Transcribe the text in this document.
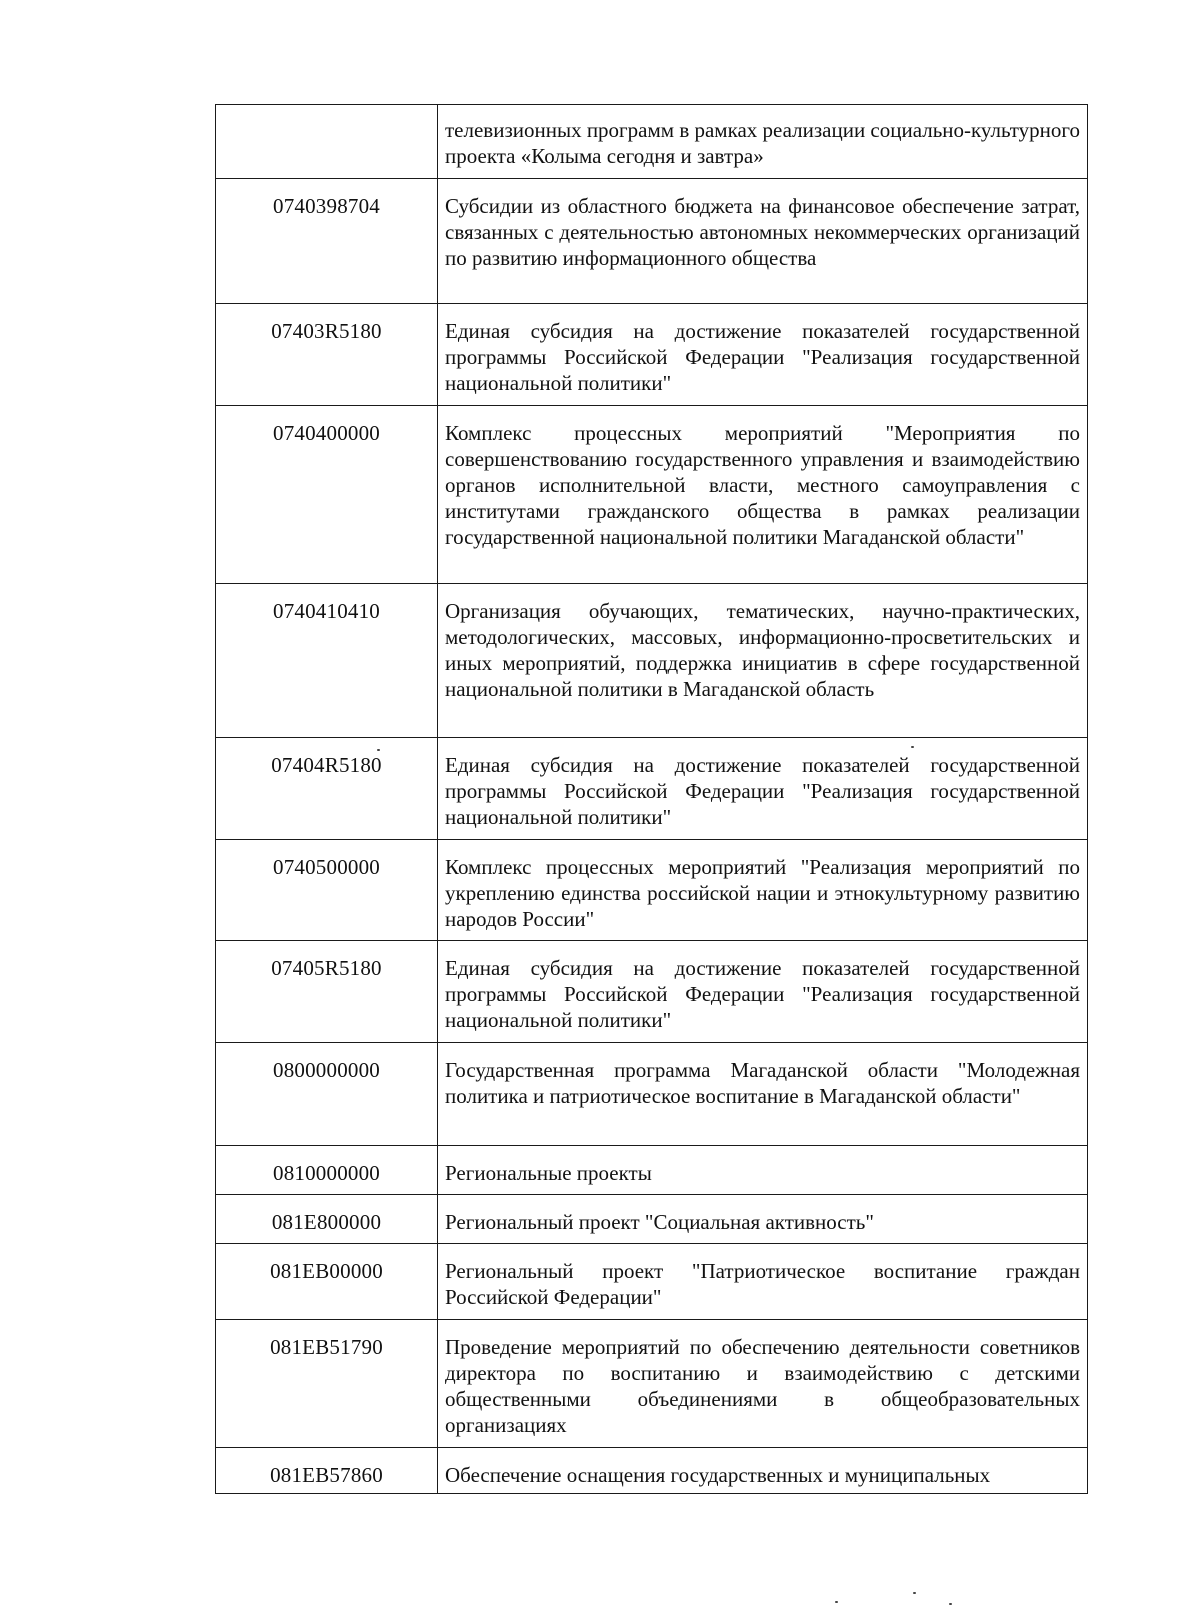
	телевизионных программ в рамках реализации социально-культурного проекта «Колыма сегодня и завтра»
0740398704	Субсидии из областного бюджета на финансовое обеспечение затрат, связанных с деятельностью автономных некоммерческих организаций по развитию информационного общества
07403R5180	Единая субсидия на достижение показателей государственной программы Российской Федерации "Реализация государственной национальной политики"
0740400000	Комплекс процессных мероприятий "Мероприятия по совершенствованию государственного управления и взаимодействию органов исполнительной власти, местного самоуправления с институтами гражданского общества в рамках реализации государственной национальной политики Магаданской области"
0740410410	Организация обучающих, тематических, научно-практических, методологических, массовых, информационно-просветительских и иных мероприятий, поддержка инициатив в сфере государственной национальной политики в Магаданской область
07404R5180	Единая субсидия на достижение показателей государственной программы Российской Федерации "Реализация государственной национальной политики"
0740500000	Комплекс процессных мероприятий "Реализация мероприятий по укреплению единства российской нации и этнокультурному развитию народов России"
07405R5180	Единая субсидия на достижение показателей государственной программы Российской Федерации "Реализация государственной национальной политики"
0800000000	Государственная программа Магаданской области "Молодежная политика и патриотическое воспитание в Магаданской области"
0810000000	Региональные проекты
081E800000	Региональный проект "Социальная активность"
081EB00000	Региональный проект "Патриотическое воспитание граждан Российской Федерации"
081EB51790	Проведение мероприятий по обеспечению деятельности советников директора по воспитанию и взаимодействию с детскими общественными объединениями в общеобразовательных организациях
081EB57860	Обеспечение оснащения государственных и муниципальных
